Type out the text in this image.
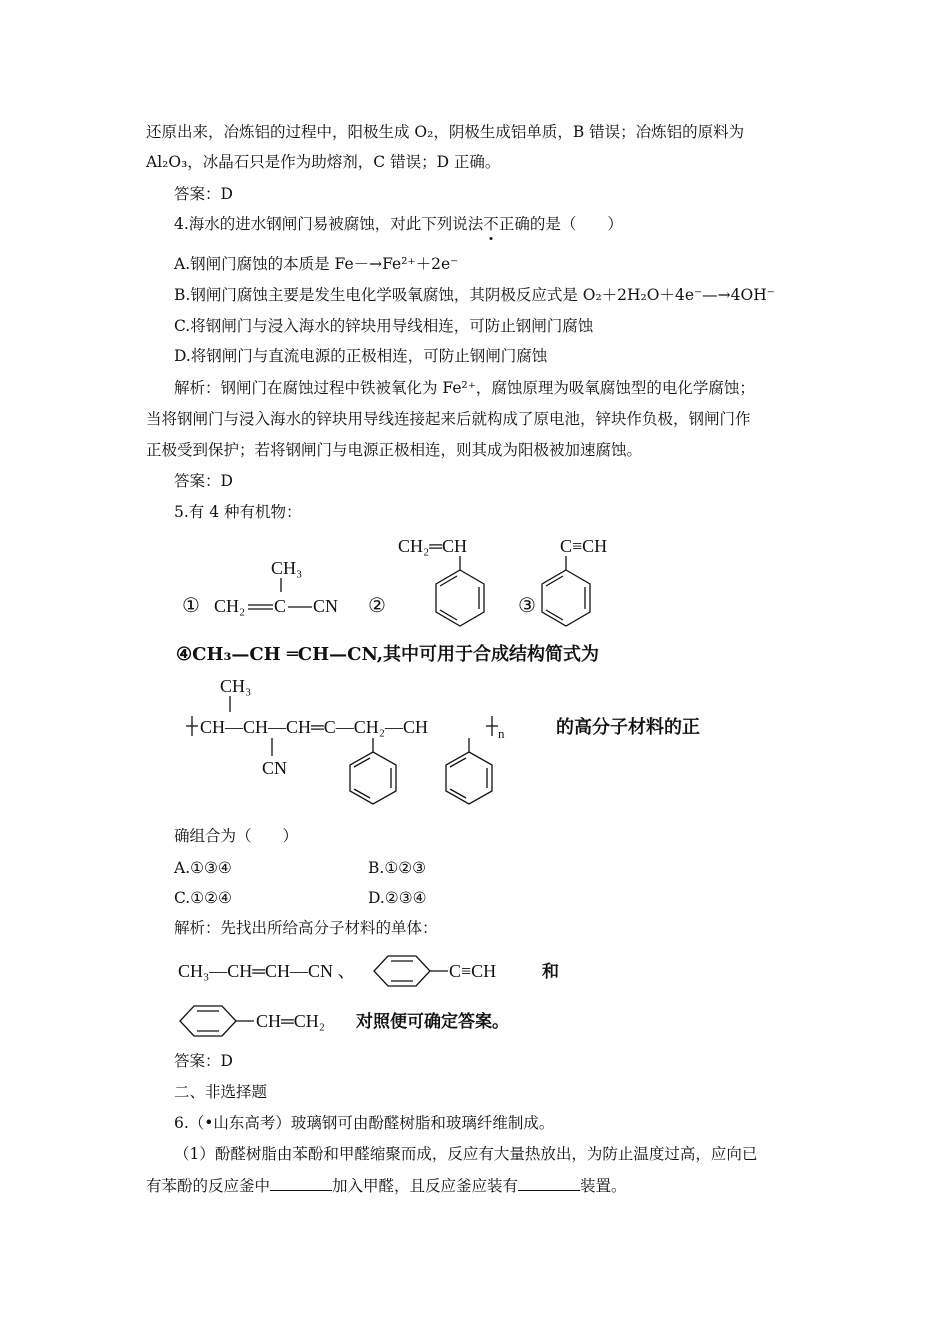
还原出来，冶炼铝的过程中，阳极生成 O₂，阴极生成铝单质，B 错误；冶炼铝的原料为
Al₂O₃，冰晶石只是作为助熔剂，C 错误；D 正确。
答案：D
4.海水的进水钢闸门易被腐蚀，对此下列说法不
正确的是（　　）
A.钢闸门腐蚀的本质是 Fe－→Fe²⁺＋2e⁻
B.钢闸门腐蚀主要是发生电化学吸氧腐蚀，其阴极反应式是 O₂＋2H₂O＋4e⁻—→4OH⁻
C.将钢闸门与浸入海水的锌块用导线相连，可防止钢闸门腐蚀
D.将钢闸门与直流电源的正极相连，可防止钢闸门腐蚀
解析：钢闸门在腐蚀过程中铁被氧化为 Fe²⁺，腐蚀原理为吸氧腐蚀型的电化学腐蚀；
当将钢闸门与浸入海水的锌块用导线连接起来后就构成了原电池，锌块作负极，钢闸门作
正极受到保护；若将钢闸门与电源正极相连，则其成为阳极被加速腐蚀。
答案：D
5.有 4 种有机物：
① CH₂ C CN
CH₃
②
CH₂═CH
③
C≡CH
④CH₃—CH ═CH—CN,其中可用于合成结构简式为
CH₃
CH—CH—CH═C—CH₂—CH	n	的高分子材料的正
CN
确组合为（　　）
A.①③④	B.①②③
C.①②④	D.②③④
解析：先找出所给高分子材料的单体：
CH₃—CH═CH—CN 、	C≡CH	和
CH═CH₂ 对照便可确定答案。
答案：D
二、非选择题
6.（•山东高考）玻璃钢可由酚醛树脂和玻璃纤维制成。
（1）酚醛树脂由苯酚和甲醛缩聚而成，反应有大量热放出，为防止温度过高，应向已
有苯酚的反应釜中	加入甲醛，且反应釜应装有	装置。
